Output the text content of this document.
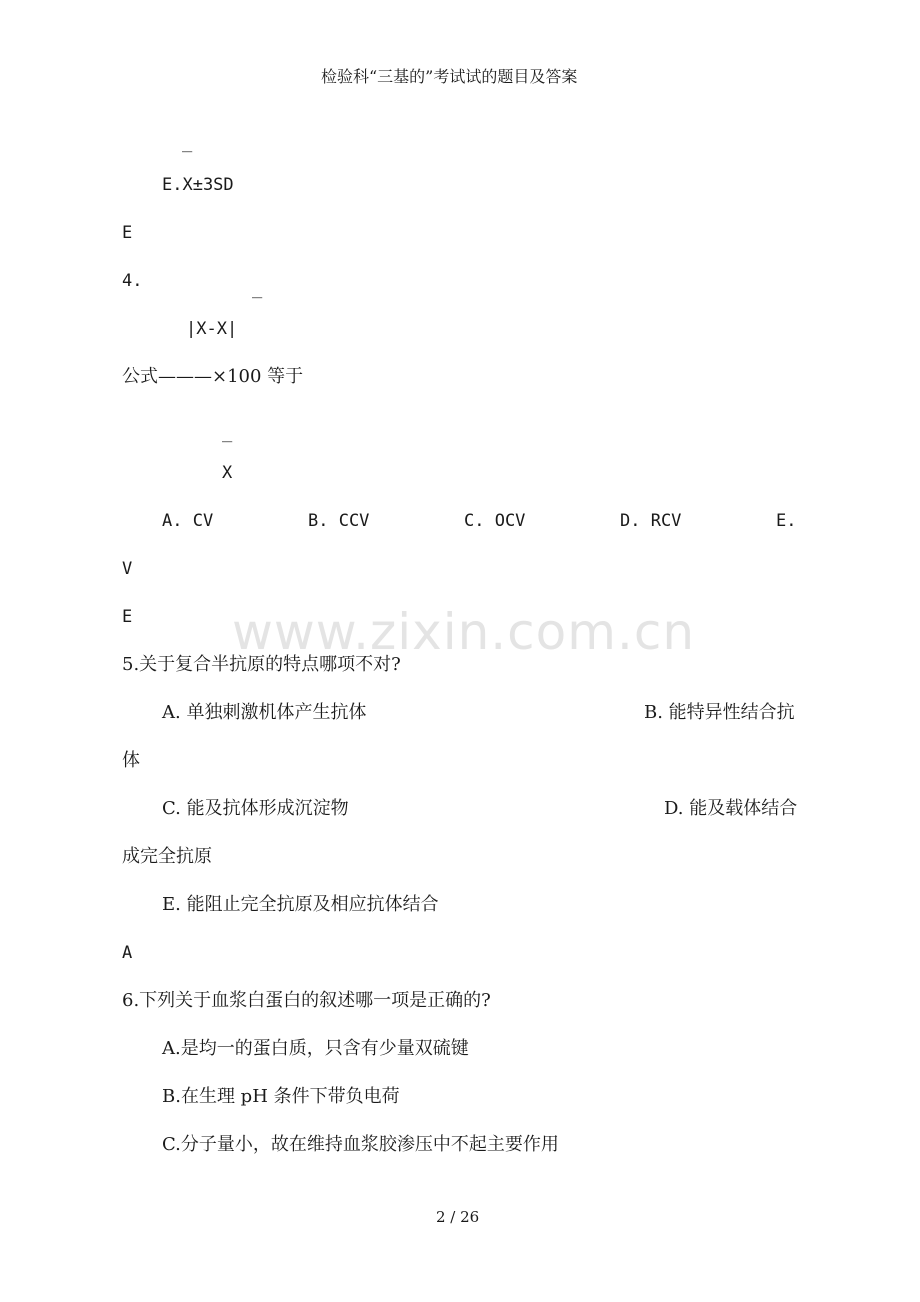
检验科“三基的”考试试的题目及答案
www.zixin.com.cn
_
E.X±3SD
E
4.	_
|X-X|
公式———×100 等于
_
X
A. CV	B. CCV	C. OCV	D. RCV	E.
V
E
5.关于复合半抗原的特点哪项不对?
A. 单独刺激机体产生抗体	B. 能特异性结合抗
体
C. 能及抗体形成沉淀物	D. 能及载体结合
成完全抗原
E. 能阻止完全抗原及相应抗体结合
A
6.下列关于血浆白蛋白的叙述哪一项是正确的?
A.是均一的蛋白质，只含有少量双硫键
B.在生理 pH 条件下带负电荷
C.分子量小，故在维持血浆胶渗压中不起主要作用
2 / 26
